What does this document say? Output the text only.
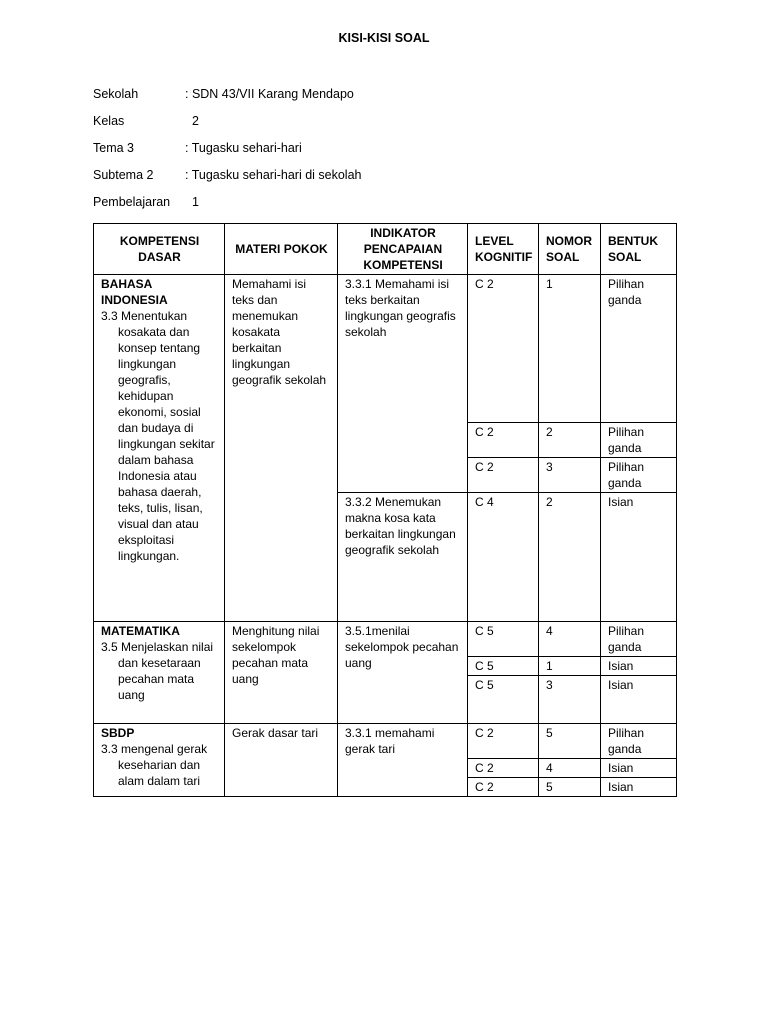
KISI-KISI SOAL
Sekolah	: SDN 43/VII Karang Mendapo
Kelas	2
Tema 3	: Tugasku sehari-hari
Subtema 2	: Tugasku sehari-hari di sekolah
Pembelajaran	1
KOMPETENSI DASAR	MATERI POKOK	INDIKATOR PENCAPAIAN KOMPETENSI	LEVEL KOGNITIF	NOMOR SOAL	BENTUK SOAL

BAHASA INDONESIA
3.3 Menentukan kosakata dan konsep tentang lingkungan geografis, kehidupan ekonomi, sosial dan budaya di lingkungan sekitar dalam bahasa Indonesia atau bahasa daerah, teks, tulis, lisan, visual dan atau eksploitasi lingkungan.	Memahami isi teks dan menemukan kosakata berkaitan lingkungan geografik sekolah	3.3.1 Memahami isi teks berkaitan lingkungan geografis sekolah	C 2	1	Pilihan ganda
			C 2	2	Pilihan ganda
			C 2	3	Pilihan ganda
		3.3.2 Menemukan makna kosa kata berkaitan lingkungan geografik sekolah	C 4	2	Isian

MATEMATIKA
3.5 Menjelaskan nilai dan kesetaraan pecahan mata uang	Menghitung nilai sekelompok pecahan mata uang	3.5.1menilai sekelompok pecahan uang	C 5	4	Pilihan ganda
			C 5	1	Isian
			C 5	3	Isian

SBDP
3.3 mengenal gerak keseharian dan alam dalam tari	Gerak dasar tari	3.3.1 memahami gerak tari	C 2	5	Pilihan ganda
			C 2	4	Isian
			C 2	5	Isian
